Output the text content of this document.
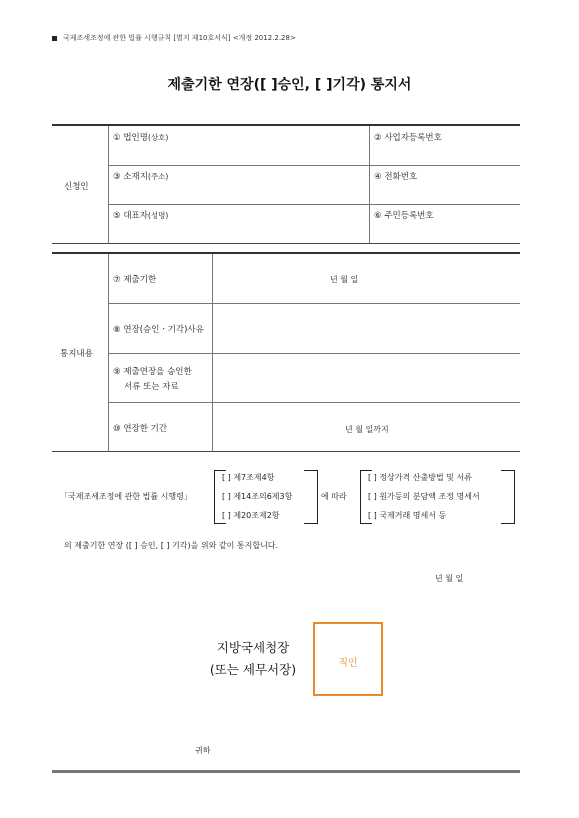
국제조세조정에 관한 법률 시행규칙 [별지 제10호서식] <개정 2012.2.28>
제출기한 연장([ ]승인, [ ]기각) 통지서
신청인
① 법인명(상호)	② 사업자등록번호
③ 소재지(주소)	④ 전화번호
⑤ 대표자(성명)	⑥ 주민등록번호
통지내용
⑦ 제출기한	년 월 일
⑧ 연장(승인ㆍ기각)사유
⑨ 제출연장을 승인한
서류 또는 자료
⑩ 연장한 기간	년 월 일까지
「국제조세조정에 관한 법률 시행령」
[ ] 제7조제4항
[ ] 제14조의6제3항
[ ] 제20조제2항
에 따라
[ ] 정상가격 산출방법 및 서류
[ ] 원가등의 분담액 조정 명세서
[ ] 국제거래 명세서 등
의 제출기한 연장 ([ ] 승인, [ ] 기각)을 위와 같이 통지합니다.
년 월 일
지방국세청장
(또는 세무서장)	직인
귀하
